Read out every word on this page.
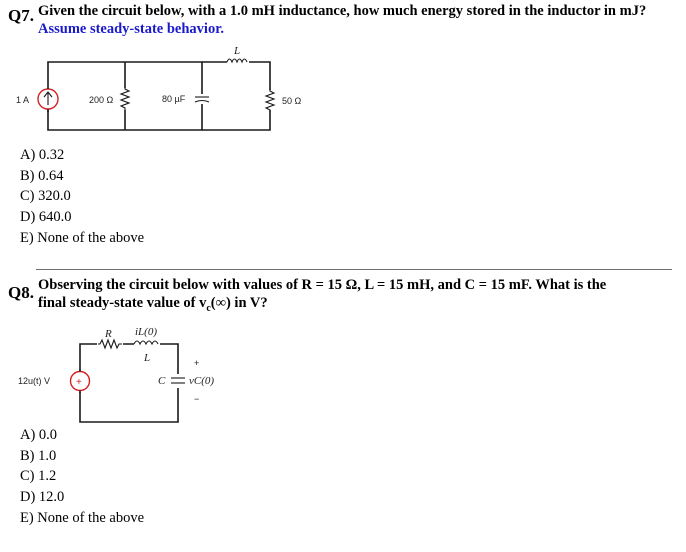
Q7. Given the circuit below, with a 1.0 mH inductance, how much energy stored in the inductor in mJ? Assume steady-state behavior.
1 A	200 Ω	80 µF
L
50 Ω
+
12u(t) V
R iL(0)
L
C
+
vC(0)
−
A) 0.32
B) 0.64
C) 320.0
D) 640.0
E) None of the above
Q8. Observing the circuit below with values of R = 15 Ω, L = 15 mH, and C = 15 mF. What is the
final steady-state value of $v_c(\infty)$ in V?
A) 0.0
B) 1.0
C) 1.2
D) 12.0
E) None of the above
